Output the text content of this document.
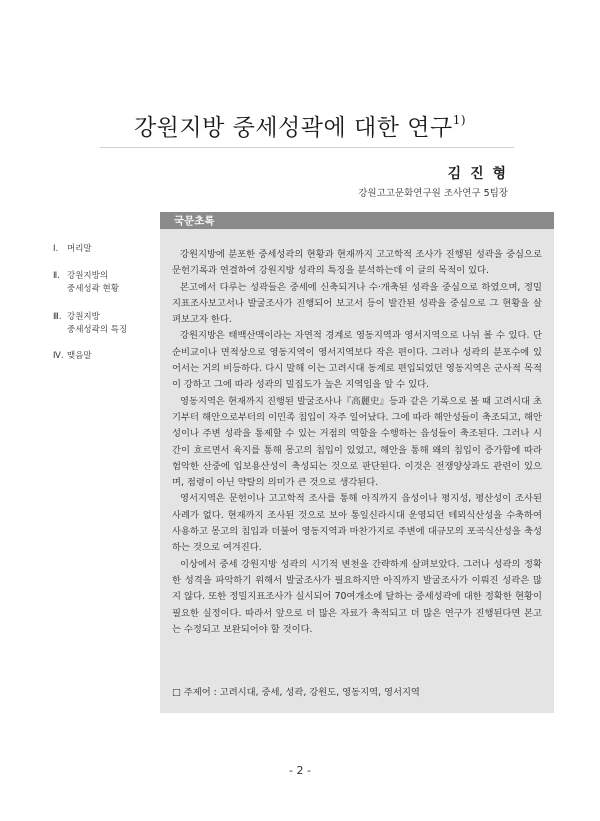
강원지방 중세성곽에 대한 연구$^{1)}$
김 진 형
강원고고문화연구원 조사연구 5팀장
Ⅰ. 머리말
Ⅱ. 강원지방의
중세성곽 현황
Ⅲ. 강원지방
중세성곽의 특징
Ⅳ. 맺음말
국문초록

강원지방에 분포한 중세성곽의 현황과 현재까지 고고학적 조사가 진행된 성곽을 중심으로 문헌기록과 연결하여 강원지방 성곽의 특징을 분석하는데 이 글의 목적이 있다.

본고에서 다루는 성곽들은 중세에 신축되거나 수·개축된 성곽을 중심으로 하였으며, 정밀지표조사보고서나 발굴조사가 진행되어 보고서 등이 발간된 성곽을 중심으로 그 현황을 살펴보고자 한다.

강원지방은 태백산맥이라는 자연적 경계로 영동지역과 영서지역으로 나뉘 볼 수 있다. 단순비교이나 면적상으로 영동지역이 영서지역보다 작은 편이다. 그러나 성곽의 분포수에 있어서는 거의 비등하다. 다시 말해 이는 고려시대 동계로 편입되었던 영동지역은 군사적 목적이 강하고 그에 따라 성곽의 밀집도가 높은 지역임을 알 수 있다.

영동지역은 현재까지 진행된 발굴조사나『高麗史』등과 같은 기록으로 볼 때 고려시대 초기부터 해안으로부터의 이민족 침입이 자주 일어났다. 그에 따라 해안성들이 축조되고, 해안성이나 주변 성곽을 통제할 수 있는 거점의 역할을 수행하는 읍성들이 축조된다. 그러나 시간이 흐르면서 육지를 통해 몽고의 침입이 있었고, 해안을 통해 왜의 침입이 증가함에 따라 험악한 산중에 입보용산성이 축성되는 것으로 판단된다. 이것은 전쟁양상과도 관련이 있으며, 점령이 아닌 약탈의 의미가 큰 것으로 생각된다.

영서지역은 문헌이나 고고학적 조사를 통해 아직까지 읍성이나 평지성, 평산성이 조사된 사례가 없다. 현재까지 조사된 것으로 보아 통일신라시대 운영되던 테뫼식산성을 수축하여 사용하고 몽고의 침입과 더불어 영동지역과 마찬가지로 주변에 대규모의 포곡식산성을 축성하는 것으로 여겨진다.

이상에서 중세 강원지방 성곽의 시기적 변천을 간략하게 살펴보았다. 그러나 성곽의 정확한 성격을 파악하기 위해서 발굴조사가 필요하지만 아직까지 발굴조사가 이뤄진 성곽은 많지 않다. 또한 정밀지표조사가 실시되어 70여개소에 달하는 중세성곽에 대한 정확한 현황이 필요한 실정이다. 따라서 앞으로 더 많은 자료가 축적되고 더 많은 연구가 진행된다면 본고는 수정되고 보완되어야 할 것이다.

□ 주제어 : 고려시대, 중세, 성곽, 강원도, 영동지역, 영서지역
- 2 -
